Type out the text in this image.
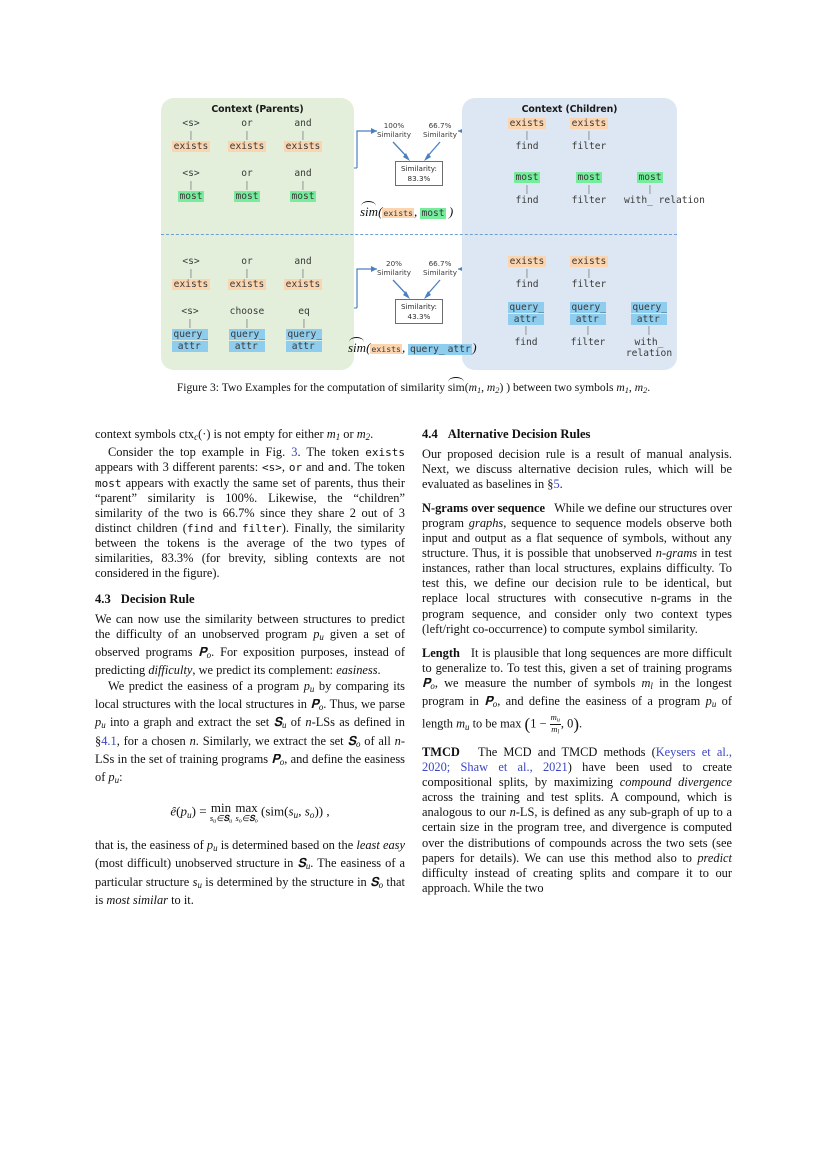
Context (Parents)	Context (Children)
<s>
|
exists
or
|
exists
and
|
exists
<s>
|
most
or
|
most
and
|
most
exists
|
find
exists
|
filter
most
|
find
most
|
filter
most
|
with_ relation
100%
Similarity
66.7%
Similarity
Similarity:
83.3%
sim(exists, most )
<s>
|
exists
or
|
exists
and
|
exists
<s>
|
query_
attr
choose
|
query_
attr
eq
|
query_
attr
exists
|
find
exists
|
filter
query_
attr
|
find
query_
attr
|
filter
query_
attr
|
with_
relation
20%
Similarity
66.7%
Similarity
Similarity:
43.3%
sim(exists, query_ attr )
Figure 3: Two Examples for the computation of similarity $sim(m_1$, $m_2$) ) between two symbols $m_1$, $m_2$.

context symbols ctx$_c$(·) is not empty for either $m_1$ or $m_2$.

Consider the top example in Fig. 3. The token exists appears with 3 different parents: <s>, or and and. The token most appears with exactly the same set of parents, thus their “parent” similarity is 100%. Likewise, the “children” similarity of the two is 66.7% since they share 2 out of 3 distinct children (find and filter). Finally, the similarity between the tokens is the average of the two types of similarities, 83.3% (for brevity, sibling contexts are not considered in the figure).

4.3 Decision Rule

We can now use the similarity between structures to predict the difficulty of an unobserved program $p_u$ given a set of observed programs 𝐏$_o$. For exposition purposes, instead of predicting difficulty, we predict its complement: easiness.

We predict the easiness of a program $p_u$ by comparing its local structures with the local structures in 𝐏$_o$. Thus, we parse $p_u$ into a graph and extract the set 𝐒$_u$ of n-LSs as defined in §4.1, for a chosen n. Similarly, we extract the set 𝐒$_o$ of all n-LSs in the set of training programs 𝐏$_o$, and define the easiness of $p_u$:

$ê(p_u) = \min$
$s_u\in 𝐒_u$

max
$s_o\in 𝐒_o$
($sim(s_u$, $s_o$)) ,

that is, the easiness of $p_u$ is determined based on the least easy (most difficult) unobserved structure in 𝐒$_u$. The easiness of a particular structure $s_u$ is determined by the structure in 𝐒$_o$ that is most similar to it.

4.4 Alternative Decision Rules

Our proposed decision rule is a result of manual analysis. Next, we discuss alternative decision rules, which will be evaluated as baselines in §5.

N-grams over sequence   While we define our structures over program graphs, sequence to sequence models observe both input and output as a flat sequence of symbols, without any structure. Thus, it is possible that unobserved n-grams in test instances, rather than local structures, explains difficulty. To test this, we define our decision rule to be identical, but replace local structures with consecutive n-grams in the program sequence, and consider only two context types (left/right co-occurrence) to compute symbol similarity.

Length   It is plausible that long sequences are more difficult to generalize to. To test this, given a set of training programs 𝐏$_o$, we measure the number of symbols $m_l$ in the longest program in 𝐏$_o$, and define the easiness of a program $p_u$ of length $m_u$ to be $\max (1 - \frac{m_u}{m_l}$ , 0).

TMCD   The MCD and TMCD methods (Keysers et al., 2020; Shaw et al., 2021) have been used to create compositional splits, by maximizing compound divergence across the training and test splits. A compound, which is analogous to our n-LS, is defined as any sub-graph of up to a certain size in the program tree, and divergence is computed over the distributions of compounds across the two sets (see papers for details). We can use this method also to predict difficulty instead of creating splits and compare it to our approach. While the two
